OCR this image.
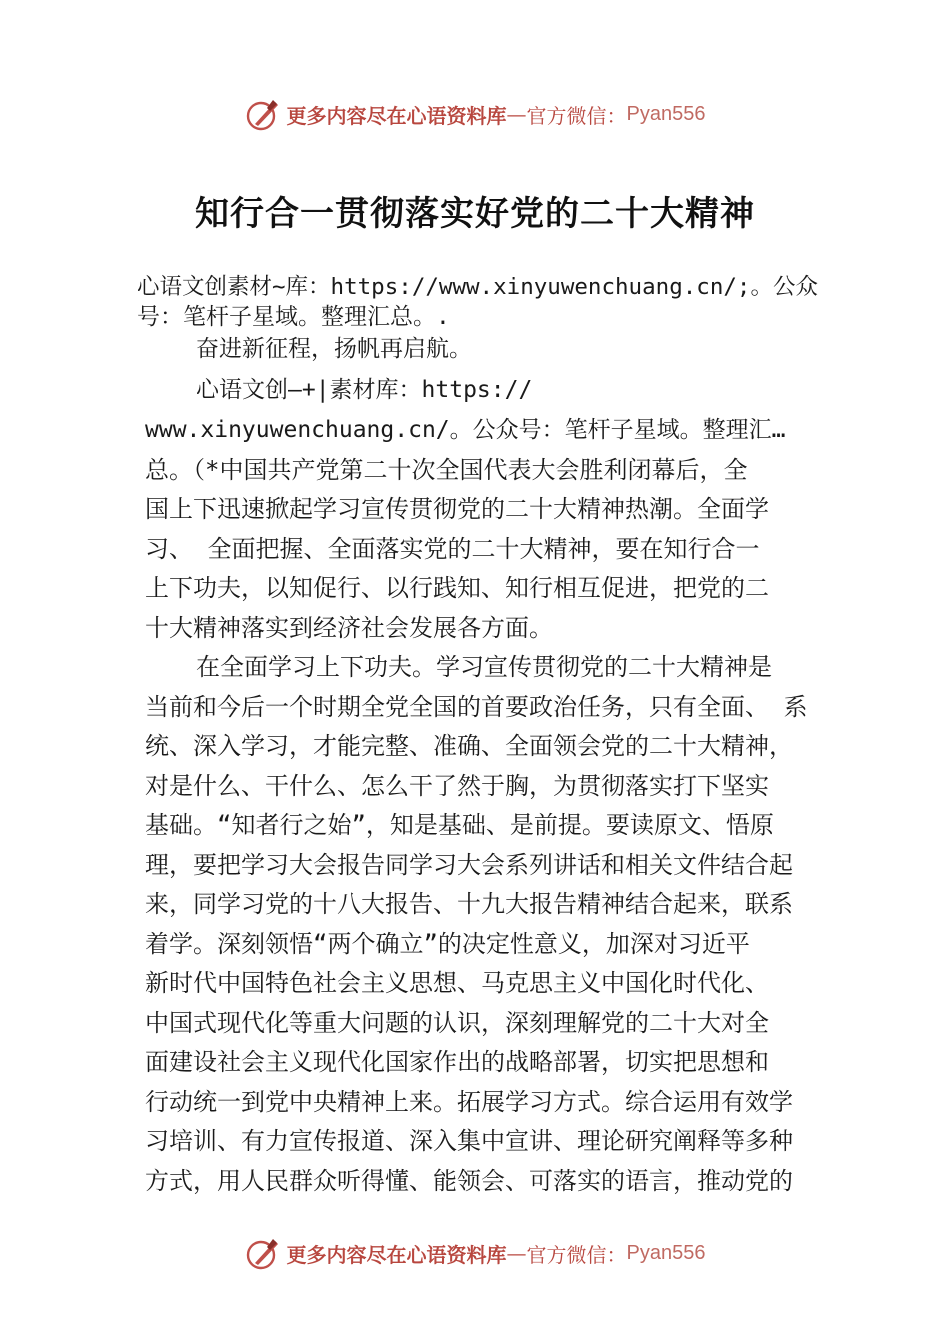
更多内容尽在心语资料库 — 官方微信： Pyan556
知行合一贯彻落实好党的二十大精神
心语文创素材~库：https://www.xinyuwenchuang.cn/;。公众
号：笔杆子星域。整理汇总。.
奋进新征程，扬帆再启航。
心语文创—+|素材库：https://
www.xinyuwenchuang.cn/。公众号：笔杆子星域。整理汇…
总。（*中国共产党第二十次全国代表大会胜利闭幕后，全
国上下迅速掀起学习宣传贯彻党的二十大精神热潮。全面学
习、 全面把握、全面落实党的二十大精神，要在知行合一
上下功夫，以知促行、以行践知、知行相互促进，把党的二
十大精神落实到经济社会发展各方面。
在全面学习上下功夫。学习宣传贯彻党的二十大精神是
当前和今后一个时期全党全国的首要政治任务，只有全面、 系
统、深入学习，才能完整、准确、全面领会党的二十大精神，
对是什么、干什么、怎么干了然于胸，为贯彻落实打下坚实
基础。“知者行之始”，知是基础、是前提。要读原文、悟原
理，要把学习大会报告同学习大会系列讲话和相关文件结合起
来，同学习党的十八大报告、十九大报告精神结合起来，联系
着学。深刻领悟“两个确立”的决定性意义，加深对习近平
新时代中国特色社会主义思想、马克思主义中国化时代化、
中国式现代化等重大问题的认识，深刻理解党的二十大对全
面建设社会主义现代化国家作出的战略部署，切实把思想和
行动统一到党中央精神上来。拓展学习方式。综合运用有效学
习培训、有力宣传报道、深入集中宣讲、理论研究阐释等多种
方式，用人民群众听得懂、能领会、可落实的语言，推动党的
更多内容尽在心语资料库 — 官方微信： Pyan556
